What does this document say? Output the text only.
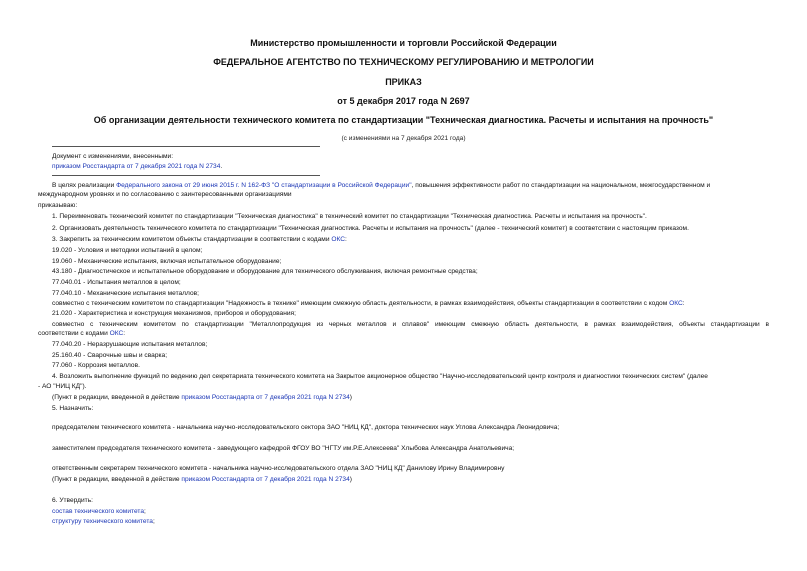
Министерство промышленности и торговли Российской Федерации
ФЕДЕРАЛЬНОЕ АГЕНТСТВО ПО ТЕХНИЧЕСКОМУ РЕГУЛИРОВАНИЮ И МЕТРОЛОГИИ
ПРИКАЗ
от 5 декабря 2017 года N 2697
Об организации деятельности технического комитета по стандартизации "Техническая диагностика. Расчеты и испытания на прочность"
(с изменениями на 7 декабря 2021 года)
Документ с изменениями, внесенными:
приказом Росстандарта от 7 декабря 2021 года N 2734.
В целях реализации Федерального закона от 29 июня 2015 г. N 162-ФЗ "О стандартизации в Российской Федерации", повышения эффективности работ по стандартизации на национальном, межгосударственном и
международном уровнях и по согласованию с заинтересованными организациями
приказываю:
1. Переименовать технический комитет по стандартизации "Техническая диагностика" в технический комитет по стандартизации "Техническая диагностика. Расчеты и испытания на прочность".
2. Организовать деятельность технического комитета по стандартизации "Техническая диагностика. Расчеты и испытания на прочность" (далее - технический комитет) в соответствии с настоящим приказом.
3. Закрепить за техническим комитетом объекты стандартизации в соответствии с кодами ОКС:
19.020 - Условия и методики испытаний в целом;
19.060 - Механические испытания, включая испытательное оборудование;
43.180 - Диагностическое и испытательное оборудование и оборудование для технического обслуживания, включая ремонтные средства;
77.040.01 - Испытания металлов в целом;
77.040.10 - Механические испытания металлов;
совместно с техническим комитетом по стандартизации "Надежность в технике" имеющим смежную область деятельности, в рамках взаимодействия, объекты стандартизации в соответствии с кодом ОКС:
21.020 - Характеристика и конструкция механизмов, приборов и оборудования;
совместно с техническим комитетом по стандартизации "Металлопродукция из черных металлов и сплавов" имеющим смежную область деятельности, в рамках взаимодействия, объекты стандартизации в
соответствии с кодами ОКС:
77.040.20 - Неразрушающие испытания металлов;
25.160.40 - Сварочные швы и сварка;
77.060 - Коррозия металлов.
4. Возложить выполнение функций по ведению дел секретариата технического комитета на Закрытое акционерное общество "Научно-исследовательский центр контроля и диагностики технических систем" (далее
- АО "НИЦ КД").
(Пункт в редакции, введенной в действие приказом Росстандарта от 7 декабря 2021 года N 2734)
5. Назначить:
председателем технического комитета - начальника научно-исследовательского сектора ЗАО "НИЦ КД", доктора технических наук Углова Александра Леонидовича;
заместителем председателя технического комитета - заведующего кафедрой ФГОУ ВО "НГТУ им.Р.Е.Алексеева" Хлыбова Александра Анатольевича;
ответственным секретарем технического комитета - начальника научно-исследовательского отдела ЗАО "НИЦ КД" Данилову Ирину Владимировну
(Пункт в редакции, введенной в действие приказом Росстандарта от 7 декабря 2021 года N 2734)
6. Утвердить:
состав технического комитета;
структуру технического комитета;
